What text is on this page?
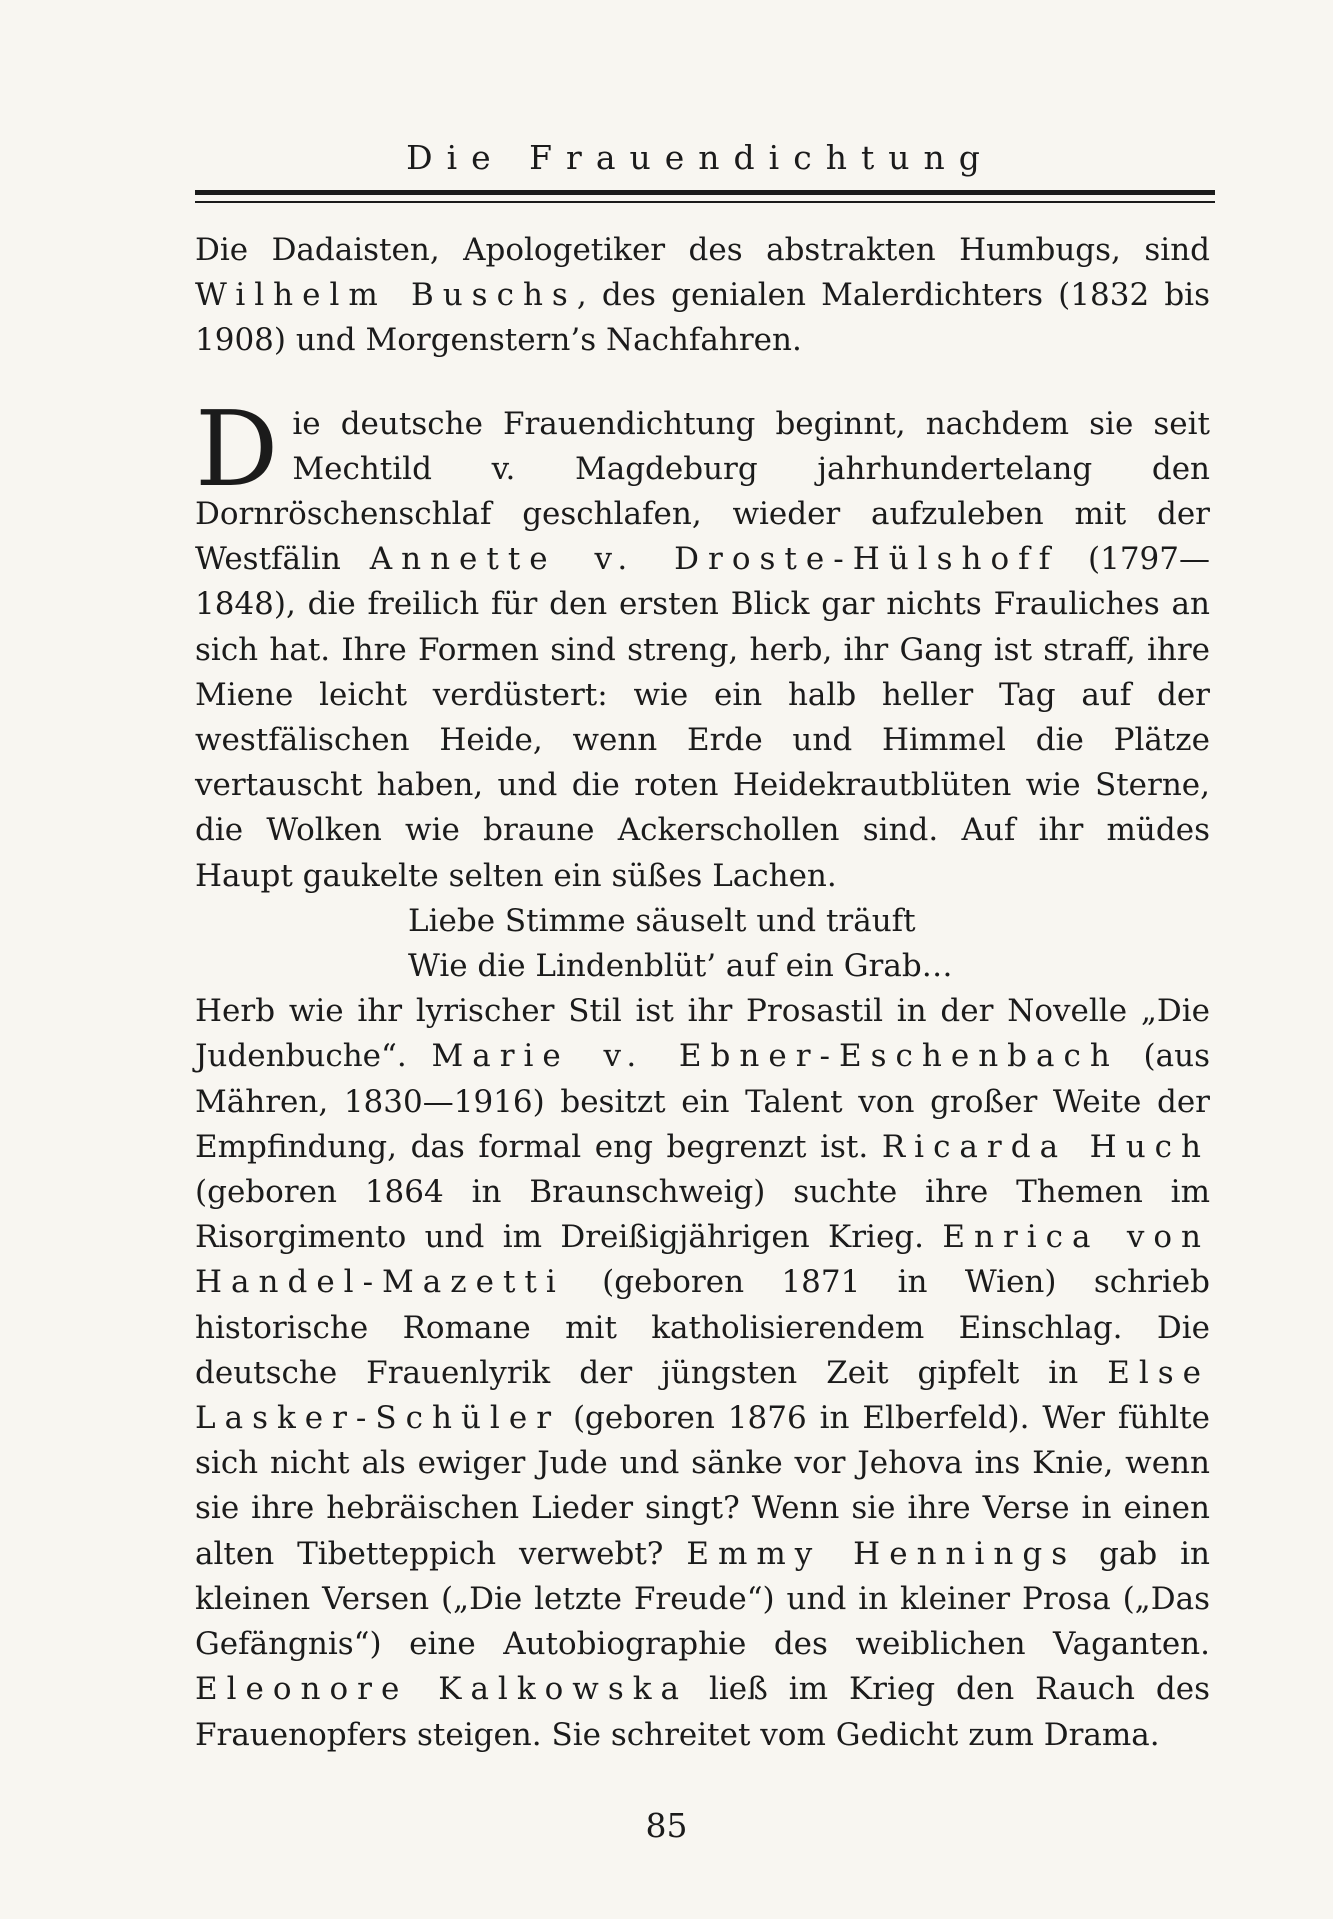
Die Frauendichtung

Die Dadaisten, Apologetiker des abstrakten Humbugs, sind Wilhelm Buschs, des genialen Malerdichters (1832 bis 1908) und Morgenstern’s Nachfahren.

Die deutsche Frauendichtung beginnt, nachdem sie seit Mechtild v. Magdeburg jahrhundertelang den Dornröschenschlaf geschlafen, wieder aufzuleben mit der Westfälin Annette v. Droste-Hülshoff (1797—1848), die freilich für den ersten Blick gar nichts Frauliches an sich hat. Ihre Formen sind streng, herb, ihr Gang ist straff, ihre Miene leicht verdüstert: wie ein halb heller Tag auf der westfälischen Heide, wenn Erde und Himmel die Plätze vertauscht haben, und die roten Heidekrautblüten wie Sterne, die Wolken wie braune Ackerschollen sind. Auf ihr müdes Haupt gaukelte selten ein süßes Lachen.

Liebe Stimme säuselt und träuft
Wie die Lindenblüt’ auf ein Grab…

Herb wie ihr lyrischer Stil ist ihr Prosastil in der Novelle „Die Judenbuche“. Marie v. Ebner-Eschenbach (aus Mähren, 1830—1916) besitzt ein Talent von großer Weite der Empfindung, das formal eng begrenzt ist. Ricarda Huch (geboren 1864 in Braunschweig) suchte ihre Themen im Risorgimento und im Dreißigjährigen Krieg. Enrica von Handel-Mazetti (geboren 1871 in Wien) schrieb historische Romane mit katholisierendem Einschlag. Die deutsche Frauenlyrik der jüngsten Zeit gipfelt in Else Lasker-Schüler (geboren 1876 in Elberfeld). Wer fühlte sich nicht als ewiger Jude und sänke vor Jehova ins Knie, wenn sie ihre hebräischen Lieder singt? Wenn sie ihre Verse in einen alten Tibetteppich verwebt? Emmy Hennings gab in kleinen Versen („Die letzte Freude“) und in kleiner Prosa („Das Gefängnis“) eine Autobiographie des weiblichen Vaganten. Eleonore Kalkowska ließ im Krieg den Rauch des Frauenopfers steigen. Sie schreitet vom Gedicht zum Drama.

85
